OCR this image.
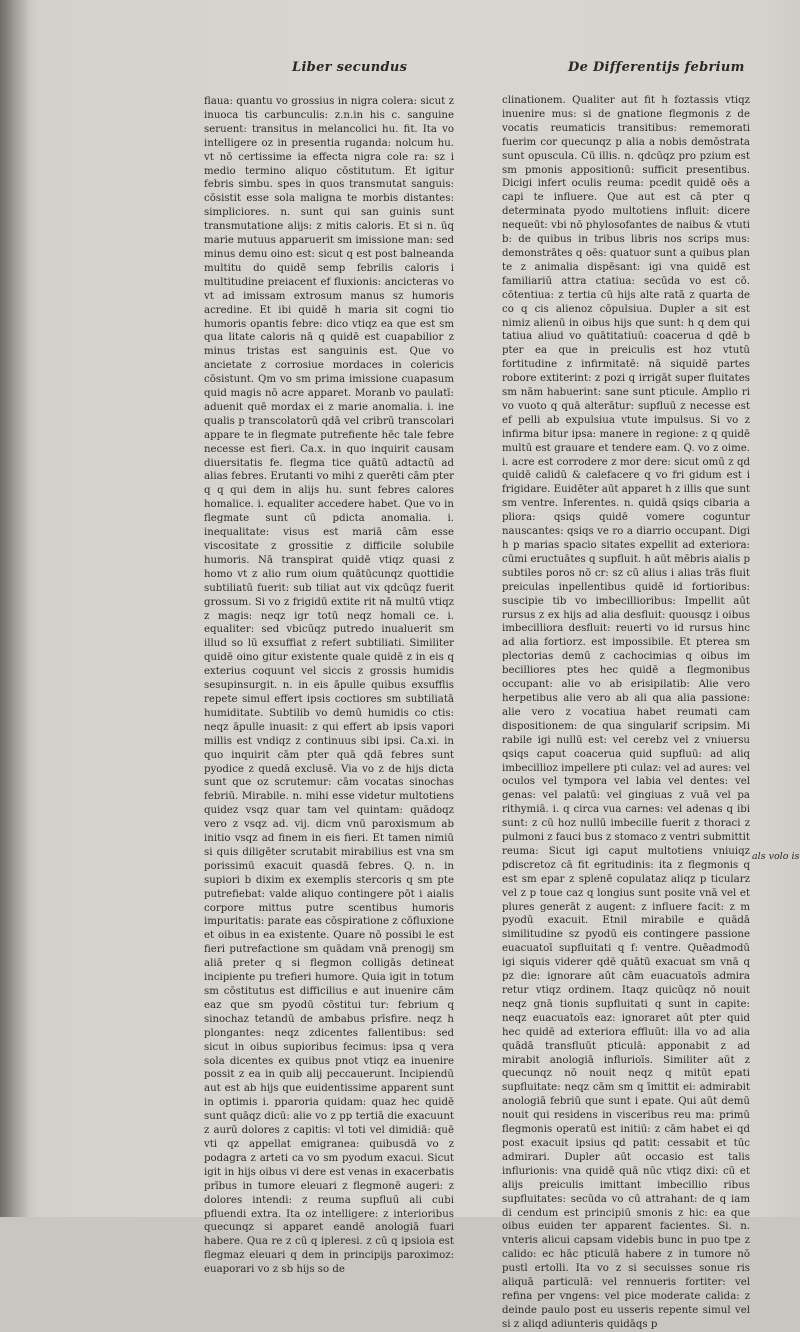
Liber secundus	De Differentijs febrium

flaua: quantu vo grossius in nigra colera: sicut z inuoca tis carbunculis: z.n.in his c. sanguine seruent: transitus in melancolici hu. fit. Ita vo intelligere oz in presentia ruganda: nolcum hu. vt nō certissime ia effecta nigra cole ra: sz i medio termino aliquo cōstitutum. Et igitur febris simbu. spes in quos transmutat sanguis: cōsistit esse sola maligna te morbis distantes: simpliciores. n. sunt qui san guinis sunt transmutatione alijs: z mitis caloris. Et si n. ūq marie mutuus apparuerit sm imissione man: sed minus demu oino est: sicut q est post balneanda multitu do quidē semp febrilis caloris i multitudine preiacent ef fluxionis: ancicteras vo vt ad imissam extrosum manus sz humoris acredine. Et ibi quidē h maria sit cogni tio humoris opantis febre: dico vtiqz ea que est sm qua litate caloris nā q quidē est cuapabilior z minus tristas est sanguinis est. Que vo ancietate z corrosiue mordaces in colericis cōsistunt. Qm vo sm prima imissione cuapasum quid magis nō acre apparet. Moranb vo paulatī: aduenit quē mordax ei z marie anomalia. i. ine qualis p transcolatorū qdā vel cribrū transcolari appare te in flegmate putrefiente hēc tale febre necesse est fieri. Ca.x. in quo inquirit causam diuersitatis fe. flegma tice quātū adtactū ad alias febres. Erutanti vo mihi z querēti cām pter q q qui dem in alijs hu. sunt febres calores homalice. i. equaliter accedere habet. Que vo in flegmate sunt cū pdicta anomalia. i. inequalitate: visus est mariā cām esse viscositate z grossitie z difficile solubile humoris. Nā transpirat quidē vtiqz quasi z homo vt z alio rum oium quātūcunqz quottidie subtiliatū fuerit: sub tiliat aut vix qdcūqz fuerit grossum. Si vo z frigidū extite rit nā multū vtiqz z magis: neqz igr totū neqz homali ce. i. equaliter: sed vbicūqz putredo inualuerit sm illud so lū exsuffiat z refert subtiliati. Similiter quidē oino gitur existente quale quidē z in eis q exterius coquunt vel siccis z grossis humidis sesupinsurgit. n. in eis āpulle quibus exsufflis repete simul effert ipsis coctiores sm subtiliatā humiditate. Subtilib vo demū humidis co ctis: neqz āpulle inuasit: z qui effert ab ipsis vapori millis est vndiqz z continuus sibi ipsi. Ca.xi. in quo inquirit cām pter quā qdā febres sunt pyodice z quedā exclusē. Via vo z de hijs dicta sunt que oz scrutemur: cām vocatas sinochas febriū. Mirabile. n. mihi esse videtur multotiens quidez vsqz quar tam vel quintam: quādoqz vero z vsqz ad. vij. dicm vnū paroxismum ab initio vsqz ad finem in eis fieri. Et tamen nimiū si quis diligēter scrutabit mirabilius est vna sm porissimū exacuit quasdā febres. Q. n. in supiori b dixim ex exemplis stercoris q sm pte putrefiebat: valde aliquo contingere pōt i aialis corpore mittus putre scentibus humoris impuritatis: parate eas cōspiratione z cōfluxione et oibus in ea existente. Quare nō possibi le est fieri putrefactione sm quādam vnā prenogij sm aliā preter q si flegmon colligās detineat incipiente pu trefieri humore. Quia igit in totum sm cōstitutus est difficilius e aut inuenire cām eaz que sm pyodū cōstitui tur: febrium q sinochaz tetandū de ambabus prīsfire. neqz h plongantes: neqz zdicentes fallentibus: sed sicut in oibus supioribus fecimus: ipsa q vera sola dicentes ex quibus pnot vtiqz ea inuenire possit z ea in quib alij peccauerunt. Incipiendū aut est ab hijs que euidentissime apparent sunt in optimis i. pparoria quidam: quaz hec quidē sunt quāqz dicū: alie vo z pp tertiā die exacuunt z aurū dolores z capitis: vl toti vel dimidiā: quē vti qz appellat emigranea: quibusdā vo z podagra z arteti ca vo sm pyodum exacui. Sicut igit in hijs oibus vi dere est venas in exacerbatis prībus in tumore eleuari z flegmonē augeri: z dolores intendi: z reuma supfluū ali cubi pfluendi extra. Ita oz intelligere: z interioribus quecunqz si apparet eandē anologiā fuari habere. Qua re z cū q ipleresi. z cū q ipsioia est flegmaz eleuari q dem in principijs paroximoz: euaporari vo z sb hijs so de

clinationem. Qualiter aut fit h foztassis vtiqz inuenire mus: si de gnatione flegmonis z de vocatis reumaticis transitibus: rememorati fuerim cor quecunqz p alia a nobis demōstrata sunt opuscula. Cū illis. n. qdcūqz pro pzium est sm pmonis appositionū: sufficit presentibus. Dicigi infert oculis reuma: pcedit quidē oēs a capi te influere. Que aut est cā pter q determinata pyodo multotiens influit: dicere nequeūt: vbi nō phylosofantes de naibus & vtuti b: de quibus in tribus libris nos scrips mus: demonstrātes q oēs: quatuor sunt a quibus plan te z animalia dispēsant: igi vna quidē est familiariū attra ctatiua: secūda vo est cō. cōtentiua: z tertia cū hijs alte ratā z quarta de co q cis alienoz cōpulsiua. Dupler a sit est nimiz alienū in oibus hijs que sunt: h q dem qui tatiua aliud vo quātitatiuū: coacerua d qdē b pter ea que in preiculis est hoz vtutū fortitudine z infirmitatē: nā siquidē partes robore extiterint: z pozi q irrigāt super fluitates sm nām habuerint: sane sunt pticule. Amplio ri vo vuoto q quā alterātur: supfluū z necesse est ef pelli ab expulsiua vtute impulsus. Si vo z infirma bitur ipsa: manere in regione: z q quidē multū est grauare et tendere eam. Q. vo z oime. i. acre est corrodere z mor dere: sicut omū z qd quidē calidū & calefacere q vo fri gidum est i frigidare. Euidēter aūt apparet h z illis que sunt sm ventre. Inferentes. n. quidā qsiqs cibaria a pliora: qsiqs quidē vomere coguntur nauscantes: qsiqs ve ro a diarrio occupant. Digi h p marias spacio sitates expellit ad exteriora: cūmi eructuātes q supfluit. h aūt mēbris aialis p subtiles poros nō cr: sz cū alius i alias trās fluit preiculas inpellentibus quidē id fortioribus: suscipie tib vo imbecillioribus: Impellit aūt rursus z ex hijs ad alia desfluit: quousqz i oibus imbecilliora desfluit: reuerti vo id rursus hinc ad alia fortiorz. est impossibile. Et pterea sm plectorias demū z cachocimias q oibus im becilliores ptes hec quidē a flegmonibus occupant: alie vo ab erisipilatib: Alie vero herpetibus alie vero ab ali qua alia passione: alie vero z vocatiua habet reumati cam dispositionem: de qua singularif scripsim. Mi rabile igi nullū est: vel cerebz vel z vniuersu qsiqs caput coacerua quid supfluū: ad aliq imbecillioz impellere pti culaz: vel ad aures: vel oculos vel tympora vel labia vel dentes: vel genas: vel palatū: vel gingiuas z vuā vel pa rithymiā. i. q circa vua carnes: vel adenas q ibi sunt: z cū hoz nullū imbecille fuerit z thoraci z pulmoni z fauci bus z stomaco z ventri submittit reuma: Sicut igi caput multotiens vniuiqz pdiscretoz cā fit egritudinis: ita z flegmonis q est sm epar z splenē copulataz aliqz p ticularz vel z p toue caz q longius sunt posite vnā vel et plures generāt z augent: z influere facit: z m pyodū exacuit. Etnil mirabile e quādā similitudine sz pyodū eis contingere passione euacuatoī supfluitati q f: ventre. Quēadmodū igi siquis viderer qdē quātū exacuat sm vnā q pz die: ignorare aūt cām euacuatoīs admira retur vtiqz ordinem. Itaqz quicūqz nō nouit neqz gnā tionis supfluitati q sunt in capite: neqz euacuatoīs eaz: ignoraret aūt pter quid hec quidē ad exteriora effluūt: illa vo ad alia quādā transfluūt pticulā: apponabit z ad mirabit anologiā influrioīs. Similiter aūt z quecunqz nō nouit neqz q mitūt epati supfluitate: neqz cām sm q īmittit ei: admirabit anologiā febriū que sunt i epate. Qui aūt demū nouit qui residens in visceribus reu ma: primū flegmonis operatū est initiū: z cām habet ei qd post exacuit ipsius qd patit: cessabit et tūc admirari. Dupler aūt occasio est talis influrionis: vna quidē quā nūc vtiqz dixi: cū et alijs preiculis imittant imbecillio ribus supfluitates: secūda vo cū attrahant: de q iam di cendum est principiū smonis z hic: ea que oibus euiden ter apparent facientes. Si. n. vnteris alicui capsam videbis bunc in puo tpe z calido: ec hāc pticulā habere z in tumore nō pustl ertolli. Ita vo z si secuisses sonue ris aliquā particulā: vel rennueris fortiter: vel refina per vngens: vel pice moderate calida: z deinde paulo post eu usseris repente simul vel si z aliqd adiunteris quidāqs p

als volo is
